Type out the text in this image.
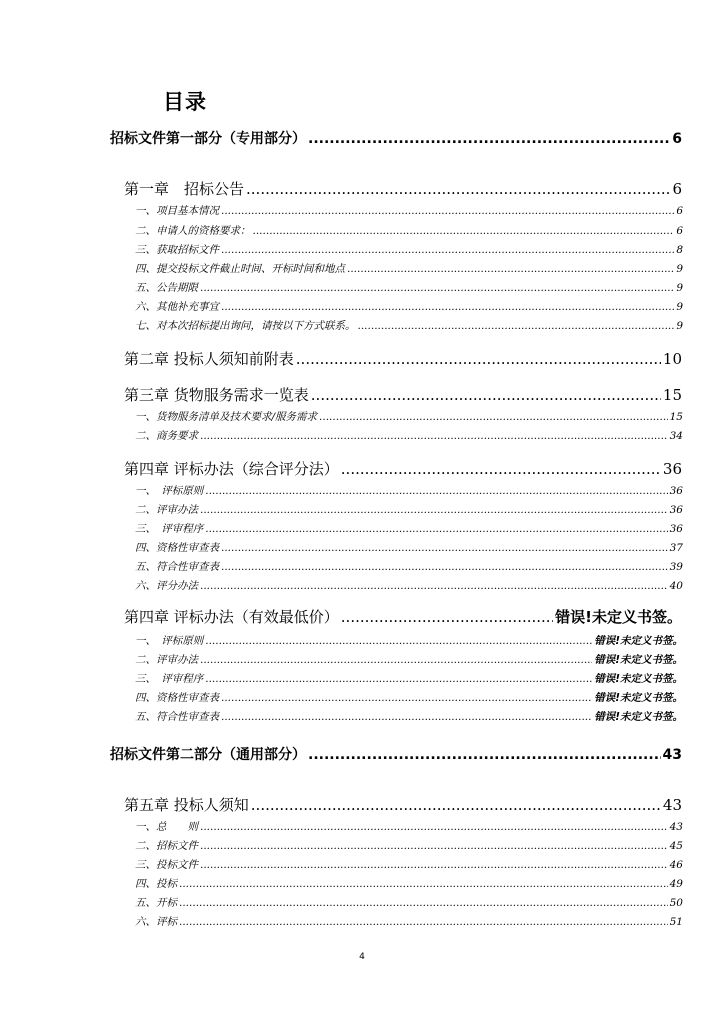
目录
招标文件第一部分（专用部分） .....	6
第一章　招标公告 .....	6
一、项目基本情况 .....	6
二、申请人的资格要求： .....	6
三、获取招标文件 .....	8
四、提交投标文件截止时间、开标时间和地点 .....	9
五、公告期限 .....	9
六、其他补充事宜 .....	9
七、对本次招标提出询问，请按以下方式联系。 .....	9
第二章 投标人须知前附表 .....	10
第三章 货物服务需求一览表 .....	15
一、货物服务清单及技术要求/服务需求 .....	15
二、商务要求 .....	34
第四章 评标办法（综合评分法） .....	36
一、　评标原则 .....	36
二、评审办法 .....	36
三、　评审程序 .....	36
四、资格性审查表 .....	37
五、符合性审查表 .....	39
六、评分办法 .....	40
第四章 评标办法（有效最低价） .....	错误!未定义书签。
一、　评标原则 .....	错误!未定义书签。
二、评审办法 .....	错误!未定义书签。
三、　评审程序 .....	错误!未定义书签。
四、资格性审查表 .....	错误!未定义书签。
五、符合性审查表 .....	错误!未定义书签。
招标文件第二部分（通用部分） .....	43
第五章 投标人须知 .....	43
一、总　　则 .....	43
二、招标文件 .....	45
三、投标文件 .....	46
四、投标 .....	49
五、开标 .....	50
六、评标 .....	51
4
